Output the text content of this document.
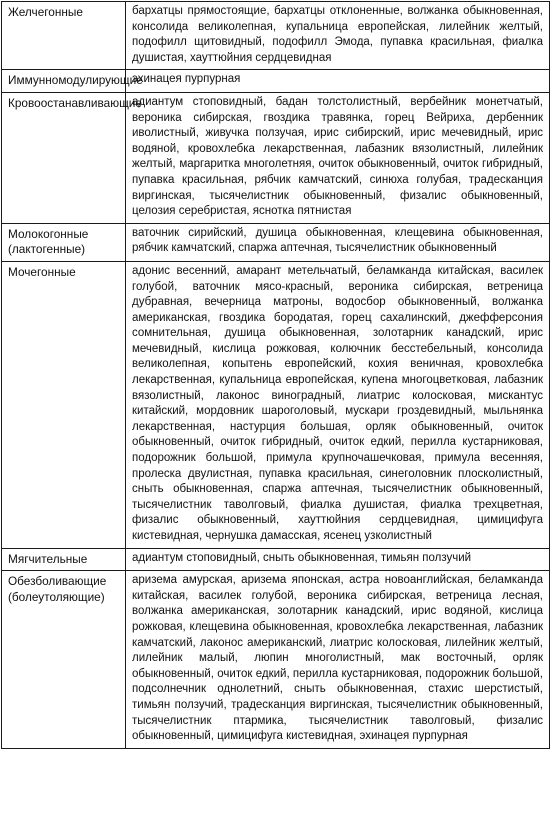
Желчегонные	бархатцы прямостоящие, бархатцы отклоненные, волжанка обыкновенная, консолида великолепная, купальница европейская, лилейник желтый, подофилл щитовидный, подофилл Эмода, пупавка красильная, фиалка душистая, хауттюйния сердцевидная
Иммунномодулирующие	эхинацея пурпурная
Кровоостанавливающие	адиантум стоповидный, бадан толстолистный, вербейник монетчатый, вероника сибирская, гвоздика травянка, горец Вейриха, дербенник иволистный, живучка ползучая, ирис сибирский, ирис мечевидный, ирис водяной, кровохлебка лекарственная, лабазник вязолистный, лилейник желтый, маргаритка многолетняя, очиток обыкновенный, очиток гибридный, пупавка красильная, рябчик камчатский, синюха голубая, традесканция виргинская, тысячелистник обыкновенный, физалис обыкновенный, целозия серебристая, яснотка пятнистая
Молокогонные (лактогенные)	ваточник сирийский, душица обыкновенная, клещевина обыкновенная, рябчик камчатский, спаржа аптечная, тысячелистник обыкновенный
Мочегонные	адонис весенний, амарант метельчатый, беламканда китайская, василек голубой, ваточник мясо-красный, вероника сибирская, ветреница дубравная, вечерница матроны, водосбор обыкновенный, волжанка американская, гвоздика бородатая, горец сахалинский, джефферсония сомнительная, душица обыкновенная, золотарник канадский, ирис мечевидный, кислица рожковая, колючник бесстебельный, консолида великолепная, копытень европейский, кохия веничная, кровохлебка лекарственная, купальница европейская, купена многоцветковая, лабазник вязолистный, лаконос виноградный, лиатрис колосковая, мискантус китайский, мордовник шароголовый, мускари гроздевидный, мыльнянка лекарственная, настурция большая, орляк обыкновенный, очиток обыкновенный, очиток гибридный, очиток едкий, перилла кустарниковая, подорожник большой, примула крупночашечковая, примула весенняя, пролеска двулистная, пупавка красильная, синеголовник плосколистный, сныть обыкновенная, спаржа аптечная, тысячелистник обыкновенный, тысячелистник таволговый, фиалка душистая, фиалка трехцветная, физалис обыкновенный, хауттюйния сердцевидная, цимицифуга кистевидная, чернушка дамасская, ясенец узколистный
Мягчительные	адиантум стоповидный, сныть обыкновенная, тимьян ползучий
Обезболивающие (болеутоляющие)	аризема амурская, аризема японская, астра новоанглийская, беламканда китайская, василек голубой, вероника сибирская, ветреница лесная, волжанка американская, золотарник канадский, ирис водяной, кислица рожковая, клещевина обыкновенная, кровохлебка лекарственная, лабазник камчатский, лаконос американский, лиатрис колосковая, лилейник желтый, лилейник малый, люпин многолистный, мак восточный, орляк обыкновенный, очиток едкий, перилла кустарниковая, подорожник большой, подсолнечник однолетний, сныть обыкновенная, стахис шерстистый, тимьян ползучий, традесканция виргинская, тысячелистник обыкновенный, тысячелистник птармика, тысячелистник таволговый, физалис обыкновенный, цимицифуга кистевидная, эхинацея пурпурная
